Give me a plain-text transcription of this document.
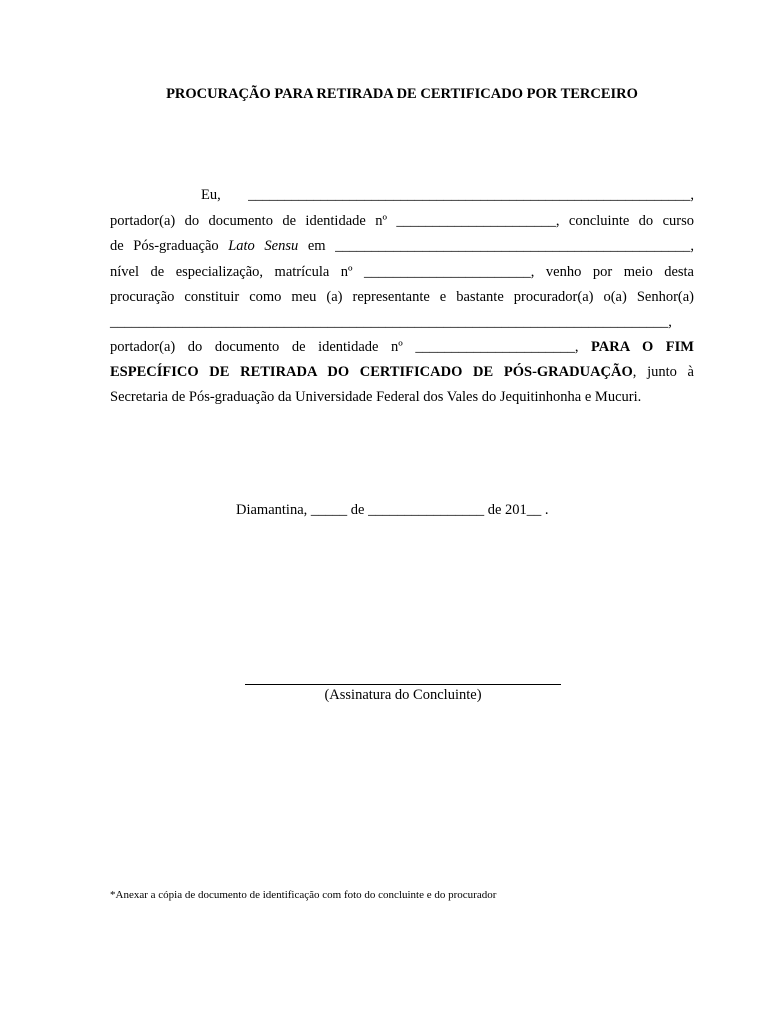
PROCURAÇÃO PARA RETIRADA DE CERTIFICADO POR TERCEIRO
Eu, _____________________________________________________________,
portador(a) do documento de identidade nº ______________________, concluinte do curso
de Pós-graduação Lato Sensu em _________________________________________________,
nível de especialização, matrícula nº _______________________, venho por meio desta
procuração constituir como meu (a) representante e bastante procurador(a) o(a) Senhor(a)
_____________________________________________________________________________,
portador(a) do documento de identidade nº ______________________, PARA O FIM
ESPECÍFICO DE RETIRADA DO CERTIFICADO DE PÓS-GRADUAÇÃO, junto à
Secretaria de Pós-graduação da Universidade Federal dos Vales do Jequitinhonha e Mucuri.
Diamantina, _____ de ________________ de 201__ .
(Assinatura do Concluinte)
*Anexar a cópia de documento de identificação com foto do concluinte e do procurador
